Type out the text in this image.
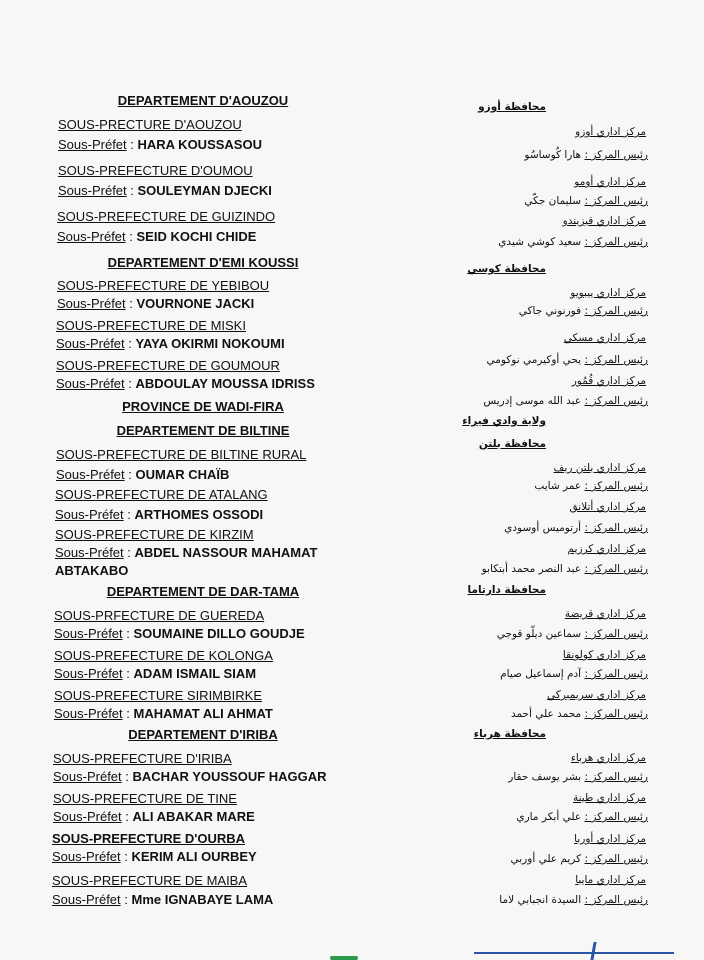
DEPARTEMENT D'AOUZOU
SOUS-PRECTURE D'AOUZOU
Sous-Préfet : HARA KOUSSASOU
SOUS-PREFECTURE D'OUMOU
Sous-Préfet : SOULEYMAN DJECKI
SOUS-PREFECTURE DE GUIZINDO
Sous-Préfet : SEID KOCHI CHIDE
DEPARTEMENT D'EMI KOUSSI
SOUS-PREFECTURE DE YEBIBOU
Sous-Préfet : VOURNONE JACKI
SOUS-PREFECTURE DE MISKI
Sous-Préfet : YAYA OKIRMI NOKOUMI
SOUS-PREFECTURE DE GOUMOUR
Sous-Préfet : ABDOULAY MOUSSA IDRISS
PROVINCE DE WADI-FIRA
DEPARTEMENT DE BILTINE
SOUS-PREFECTURE DE BILTINE RURAL
Sous-Préfet : OUMAR CHAÏB
SOUS-PREFECTURE DE ATALANG
Sous-Préfet : ARTHOMES OSSODI
SOUS-PREFECTURE DE KIRZIM
Sous-Préfet : ABDEL NASSOUR MAHAMAT
ABTAKABO
DEPARTEMENT DE DAR-TAMA
SOUS-PRFECTURE DE GUEREDA
Sous-Préfet : SOUMAINE DILLO GOUDJE
SOUS-PREFECTURE DE KOLONGA
Sous-Préfet : ADAM ISMAIL SIAM
SOUS-PREFECTURE SIRIMBIRKE
Sous-Préfet : MAHAMAT ALI AHMAT
DEPARTEMENT D'IRIBA
SOUS-PREFECTURE D'IRIBA
Sous-Préfet : BACHAR YOUSSOUF HAGGAR
SOUS-PREFECTURE DE TINE
Sous-Préfet : ALI ABAKAR MARE
SOUS-PREFECTURE D'OURBA
Sous-Préfet : KERIM ALI OURBEY
SOUS-PREFECTURE DE MAIBA
Sous-Préfet : Mme IGNABAYE LAMA
محافظة أوزو
مركز اداري أوزو
رئيس المركز : هارا كُوساسُو
مركز اداري أومو
رئيس المركز : سليمان جكّي
مركز اداري قيزيندو
رئيس المركز : سعيد كوشي شيدي
محافظة كوسي
مركز اداري ييبويو
رئيس المركز : فورنوني جاكي
مركز اداري مسكي
رئيس المركز : يحي أوكيرمي نوكومي
مركز اداري قُمُور
رئيس المركز : عبد الله موسى إدريس
ولاية وادي فيراء
محافظة بلتن
مركز اداري بلتن ريف
رئيس المركز : عمر شايب
مركز اداري أتلانق
رئيس المركز : أرتوميس أوسودي
مركز اداري كرزيم
رئيس المركز : عبد النصر محمد أبتكابو
محافظة دارتاما
مركز اداري قريضة
رئيس المركز : سماعين ديلّو قوجي
مركز اداري كولونقا
رئيس المركز : آدم إسماعيل صيام
مركز اداري سريمبركي
رئيس المركز : محمد علي أحمد
محافظة هرباء
مركز اداري هرباء
رئيس المركز : بشر يوسف حقار
مركز اداري طينة
رئيس المركز : علي أبكر ماري
مركز اداري أوربا
رئيس المركز : كريم علي أوربي
مركز اداري مايبا
رئيس المركز : السيدة انجبابي لاما
